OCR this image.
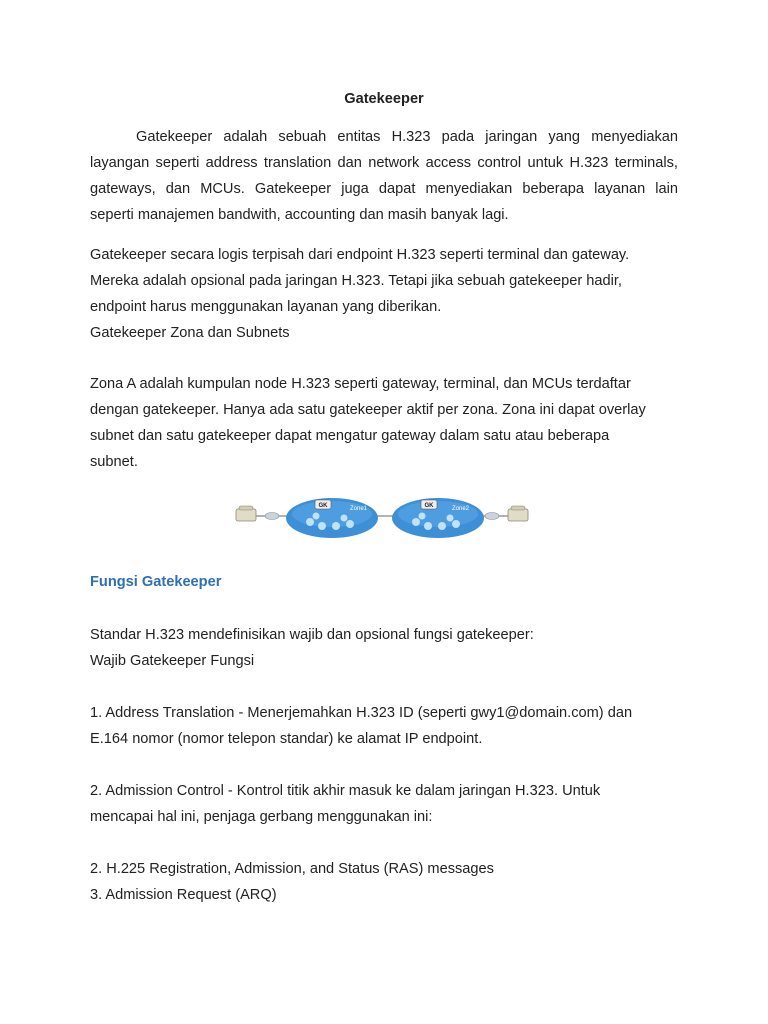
Gatekeeper

Gatekeeper adalah sebuah entitas H.323 pada jaringan yang menyediakan

layangan seperti address translation dan network access control untuk H.323 terminals,

gateways, dan MCUs. Gatekeeper juga dapat menyediakan beberapa layanan lain

seperti manajemen bandwith, accounting dan masih banyak lagi.

Gatekeeper secara logis terpisah dari endpoint H.323 seperti terminal dan gateway.

Mereka adalah opsional pada jaringan H.323. Tetapi jika sebuah gatekeeper hadir,

endpoint harus menggunakan layanan yang diberikan.

Gatekeeper Zona dan Subnets

Zona A adalah kumpulan node H.323 seperti gateway, terminal, dan MCUs terdaftar

dengan gatekeeper. Hanya ada satu gatekeeper aktif per zona. Zona ini dapat overlay

subnet dan satu gatekeeper dapat mengatur gateway dalam satu atau beberapa

subnet.

GK	Zone1	GK	Zone2

Fungsi Gatekeeper

Standar H.323 mendefinisikan wajib dan opsional fungsi gatekeeper:

Wajib Gatekeeper Fungsi

1. Address Translation - Menerjemahkan H.323 ID (seperti gwy1@domain.com) dan

E.164 nomor (nomor telepon standar) ke alamat IP endpoint.

2. Admission Control - Kontrol titik akhir masuk ke dalam jaringan H.323. Untuk

mencapai hal ini, penjaga gerbang menggunakan ini:

2. H.225 Registration, Admission, and Status (RAS) messages

3. Admission Request (ARQ)
